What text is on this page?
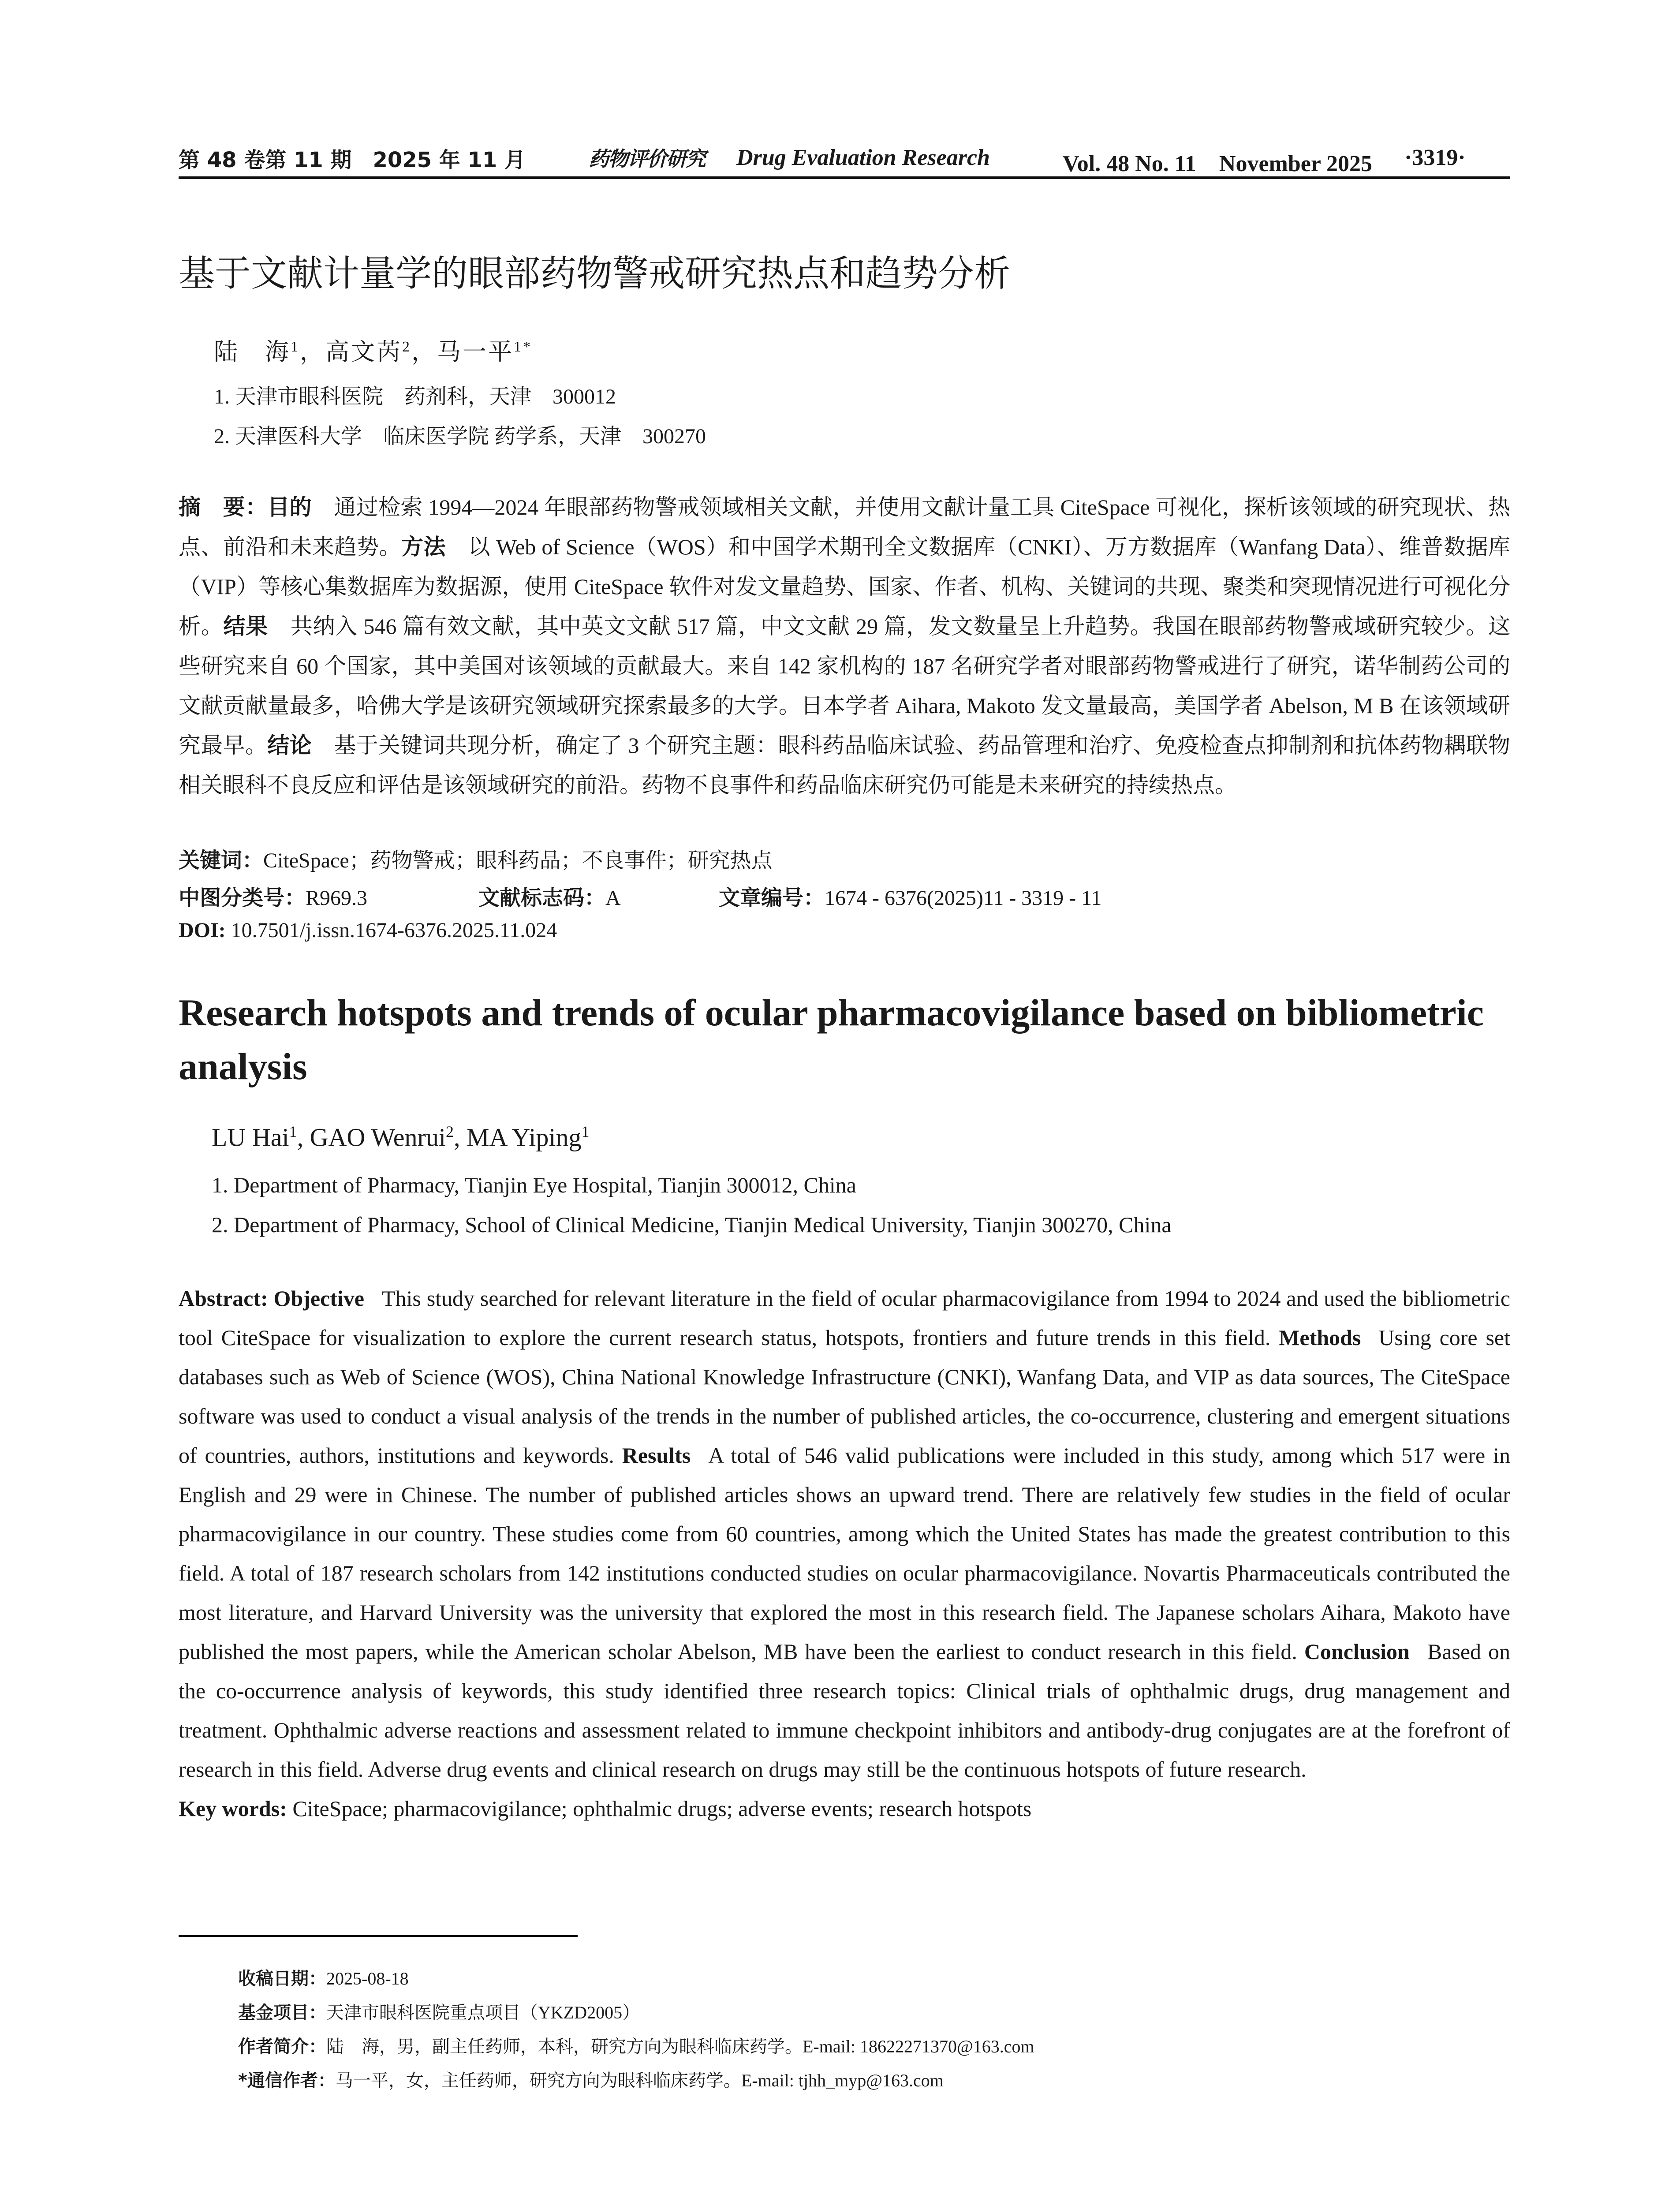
第 48 卷第 11 期　2025 年 11 月	药物评价研究 Drug Evaluation Research	Vol. 48 No. 11　November 2025 ·3319·
基于文献计量学的眼部药物警戒研究热点和趋势分析
陆　海$^1$，高文芮$^2$，马一平$^{1*}$
1. 天津市眼科医院　药剂科，天津　300012
2. 天津医科大学　临床医学院 药学系，天津　300270
摘　要：目的 通过检索 1994—2024 年眼部药物警戒领域相关文献，并使用文献计量工具 CiteSpace 可视化，探析该领域的研究现状、热点、前沿和未来趋势。方法 以 Web of Science（WOS）和中国学术期刊全文数据库（CNKI）、万方数据库（Wanfang Data）、维普数据库（VIP）等核心集数据库为数据源，使用 CiteSpace 软件对发文量趋势、国家、作者、机构、关键词的共现、聚类和突现情况进行可视化分析。结果 共纳入 546 篇有效文献，其中英文文献 517 篇，中文文献 29 篇，发文数量呈上升趋势。我国在眼部药物警戒域研究较少。这些研究来自 60 个国家，其中美国对该领域的贡献最大。来自 142 家机构的 187 名研究学者对眼部药物警戒进行了研究，诺华制药公司的文献贡献量最多，哈佛大学是该研究领域研究探索最多的大学。日本学者 Aihara, Makoto 发文量最高，美国学者 Abelson, M B 在该领域研究最早。结论 基于关键词共现分析，确定了 3 个研究主题：眼科药品临床试验、药品管理和治疗、免疫检查点抑制剂和抗体药物耦联物相关眼科不良反应和评估是该领域研究的前沿。药物不良事件和药品临床研究仍可能是未来研究的持续热点。
关键词：CiteSpace；药物警戒；眼科药品；不良事件；研究热点
中图分类号：R969.3	文献标志码：A	文章编号：1674 - 6376(2025)11 - 3319 - 11
DOI: 10.7501/j.issn.1674-6376.2025.11.024
Research hotspots and trends of ocular pharmacovigilance based on bibliometric analysis
LU Hai$^1$, GAO Wenrui$^2$, MA Yiping$^1$
1. Department of Pharmacy, Tianjin Eye Hospital, Tianjin 300012, China
2. Department of Pharmacy, School of Clinical Medicine, Tianjin Medical University, Tianjin 300270, China
Abstract: Objective This study searched for relevant literature in the field of ocular pharmacovigilance from 1994 to 2024 and used the bibliometric tool CiteSpace for visualization to explore the current research status, hotspots, frontiers and future trends in this field. Methods Using core set databases such as Web of Science (WOS), China National Knowledge Infrastructure (CNKI), Wanfang Data, and VIP as data sources, The CiteSpace software was used to conduct a visual analysis of the trends in the number of published articles, the co-occurrence, clustering and emergent situations of countries, authors, institutions and keywords. Results A total of 546 valid publications were included in this study, among which 517 were in English and 29 were in Chinese. The number of published articles shows an upward trend. There are relatively few studies in the field of ocular pharmacovigilance in our country. These studies come from 60 countries, among which the United States has made the greatest contribution to this field. A total of 187 research scholars from 142 institutions conducted studies on ocular pharmacovigilance. Novartis Pharmaceuticals contributed the most literature, and Harvard University was the university that explored the most in this research field. The Japanese scholars Aihara, Makoto have published the most papers, while the American scholar Abelson, MB have been the earliest to conduct research in this field. Conclusion Based on the co-occurrence analysis of keywords, this study identified three research topics: Clinical trials of ophthalmic drugs, drug management and treatment. Ophthalmic adverse reactions and assessment related to immune checkpoint inhibitors and antibody-drug conjugates are at the forefront of research in this field. Adverse drug events and clinical research on drugs may still be the continuous hotspots of future research.
Key words: CiteSpace; pharmacovigilance; ophthalmic drugs; adverse events; research hotspots
收稿日期：2025-08-18
基金项目：天津市眼科医院重点项目（YKZD2005）
作者简介：陆　海，男，副主任药师，本科，研究方向为眼科临床药学。E-mail: 18622271370@163.com
*通信作者：马一平，女，主任药师，研究方向为眼科临床药学。E-mail: tjhh_myp@163.com
